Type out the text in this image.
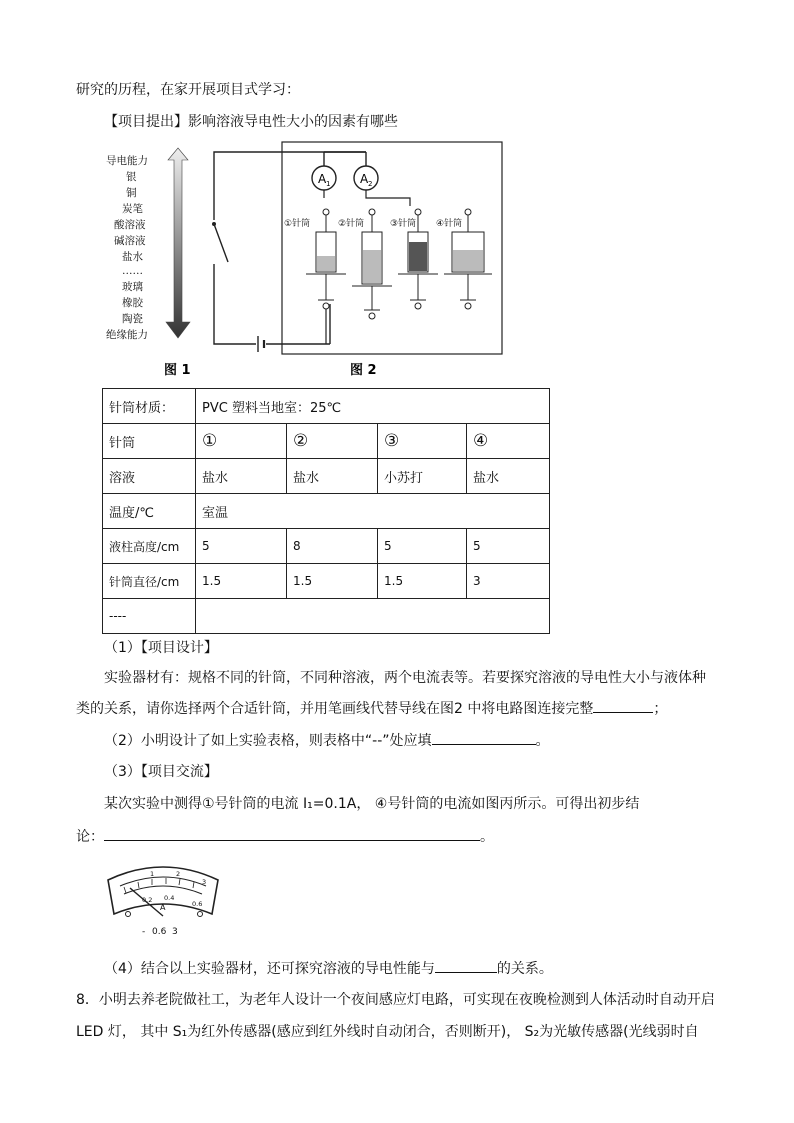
研究的历程，在家开展项目式学习：
【项目提出】影响溶液导电性大小的因素有哪些
导电能力
银
铜
炭笔
酸溶液
碱溶液
盐水
……
玻璃
橡胶
陶瓷
绝缘能力
图 1
A 1 A 2
①针筒	②针筒	③针筒 ④针筒
图 2
针筒材质：	PVC 塑料当地室：25℃			
针筒	①	②	③	④
溶液	盐水	盐水	小苏打	盐水
温度/℃	室温			
液柱高度/cm	5	8	5	5
针筒直径/cm	1.5	1.5	1.5	3
----				
（1）【项目设计】
实验器材有：规格不同的针筒，不同种溶液，两个电流表等。若要探究溶液的导电性大小与液体种
类的关系，请你选择两个合适针筒，并用笔画线代替导线在图2 中将电路图连接完整	；
（2）小明设计了如上实验表格，则表格中“--”处应填	。
（3）【项目交流】
某次实验中测得①号针筒的电流 I₁=0.1A， ④号针筒的电流如图丙所示。可得出初步结
论：	。
1	2
3
0.2 0.4
0.6
A
- 0.6 3
（4）结合以上实验器材，还可探究溶液的导电性能与	的关系。
8．小明去养老院做社工，为老年人设计一个夜间感应灯电路，可实现在夜晚检测到人体活动时自动开启
LED 灯， 其中 S₁为红外传感器(感应到红外线时自动闭合，否则断开)， S₂为光敏传感器(光线弱时自
